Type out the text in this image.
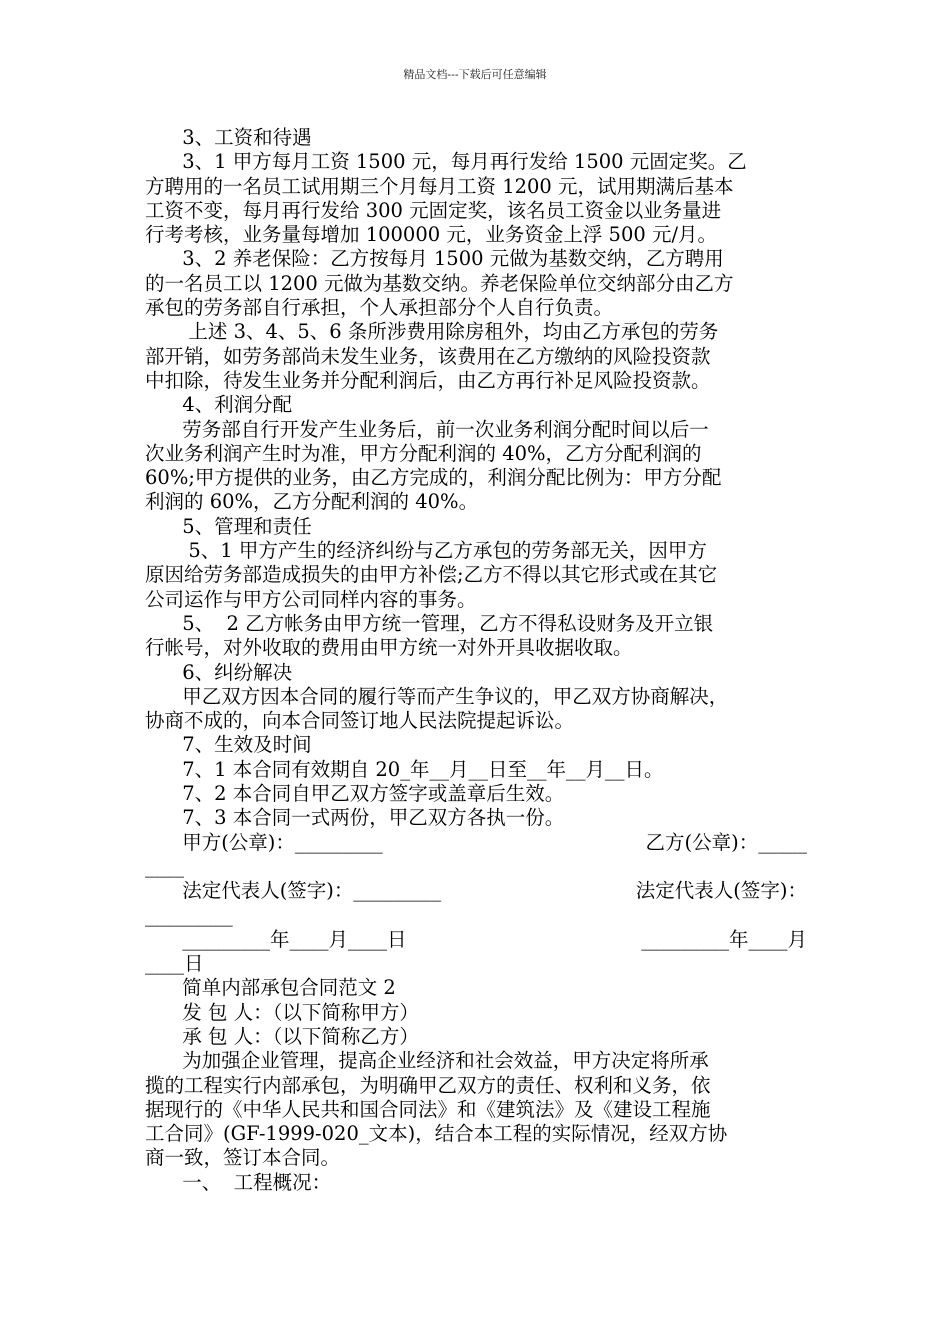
精品文档---下载后可任意编辑
3、工资和待遇
3、1 甲方每月工资 1500 元，每月再行发给 1500 元固定奖。乙
方聘用的一名员工试用期三个月每月工资 1200 元，试用期满后基本
工资不变，每月再行发给 300 元固定奖，该名员工资金以业务量进
行考考核，业务量每增加 100000 元，业务资金上浮 500 元/月。
3、2 养老保险：乙方按每月 1500 元做为基数交纳，乙方聘用
的一名员工以 1200 元做为基数交纳。养老保险单位交纳部分由乙方
承包的劳务部自行承担，个人承担部分个人自行负责。
上述 3、4、5、6 条所涉费用除房租外，均由乙方承包的劳务
部开销，如劳务部尚未发生业务，该费用在乙方缴纳的风险投资款
中扣除，待发生业务并分配利润后，由乙方再行补足风险投资款。
4、利润分配
劳务部自行开发产生业务后，前一次业务利润分配时间以后一
次业务利润产生时为准，甲方分配利润的 40%，乙方分配利润的
60%;甲方提供的业务，由乙方完成的，利润分配比例为：甲方分配
利润的 60%，乙方分配利润的 40%。
5、管理和责任
5、1 甲方产生的经济纠纷与乙方承包的劳务部无关，因甲方
原因给劳务部造成损失的由甲方补偿;乙方不得以其它形式或在其它
公司运作与甲方公司同样内容的事务。
5、  2 乙方帐务由甲方统一管理，乙方不得私设财务及开立银
行帐号，对外收取的费用由甲方统一对外开具收据收取。
6、纠纷解决
甲乙双方因本合同的履行等而产生争议的，甲乙双方协商解决，
协商不成的，向本合同签订地人民法院提起诉讼。
7、生效及时间
7、1 本合同有效期自 20_年__月__日至__年__月__日。
7、2 本合同自甲乙双方签字或盖章后生效。
7、3 本合同一式两份，甲乙双方各执一份。
甲方(公章)：_________	乙方(公章)：_____
____
法定代表人(签字)：_________	法定代表人(签字)：
_________
_________年____月____日	_________年____月
____日
简单内部承包合同范文 2
发 包 人：（以下简称甲方）
承 包 人：（以下简称乙方）
为加强企业管理，提高企业经济和社会效益，甲方决定将所承
揽的工程实行内部承包，为明确甲乙双方的责任、权利和义务，依
据现行的《中华人民共和国合同法》和《建筑法》及《建设工程施
工合同》(GF-1999-020_文本)，结合本工程的实际情况，经双方协
商一致，签订本合同。
一、  工程概况：
